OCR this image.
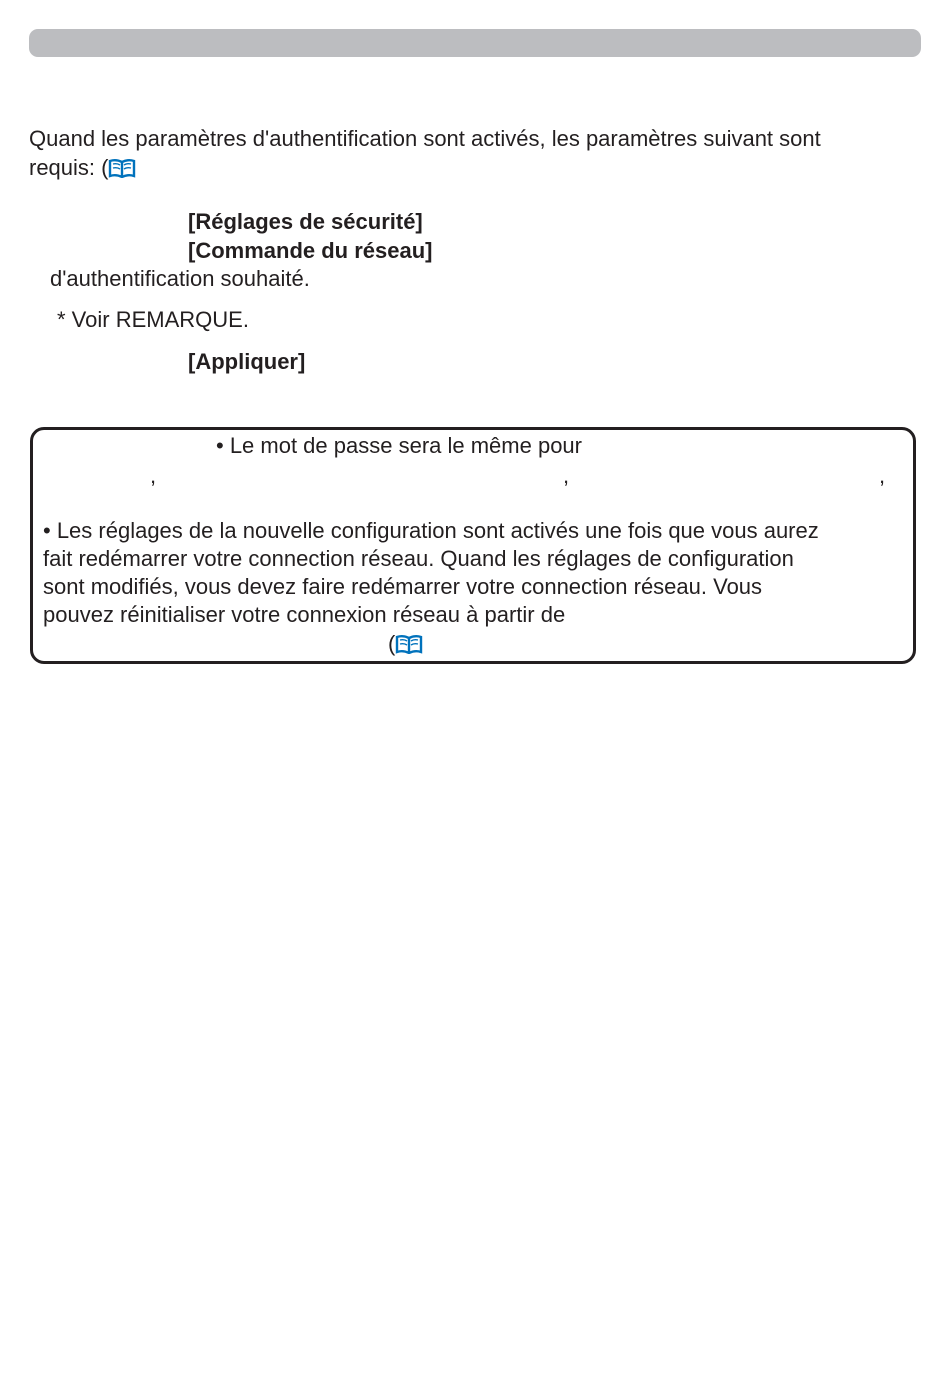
Quand les paramètres d'authentification sont activés, les paramètres suivant sont
requis: (
[Réglages de sécurité]
[Commande du réseau]
d'authentification souhaité.
* Voir REMARQUE.
[Appliquer]
• Le mot de passe sera le même pour
,	,	,
• Les réglages de la nouvelle configuration sont activés une fois que vous aurez
fait redémarrer votre connection réseau. Quand les réglages de configuration
sont modifiés, vous devez faire redémarrer votre connection réseau. Vous
pouvez réinitialiser votre connexion réseau à partir de
(
